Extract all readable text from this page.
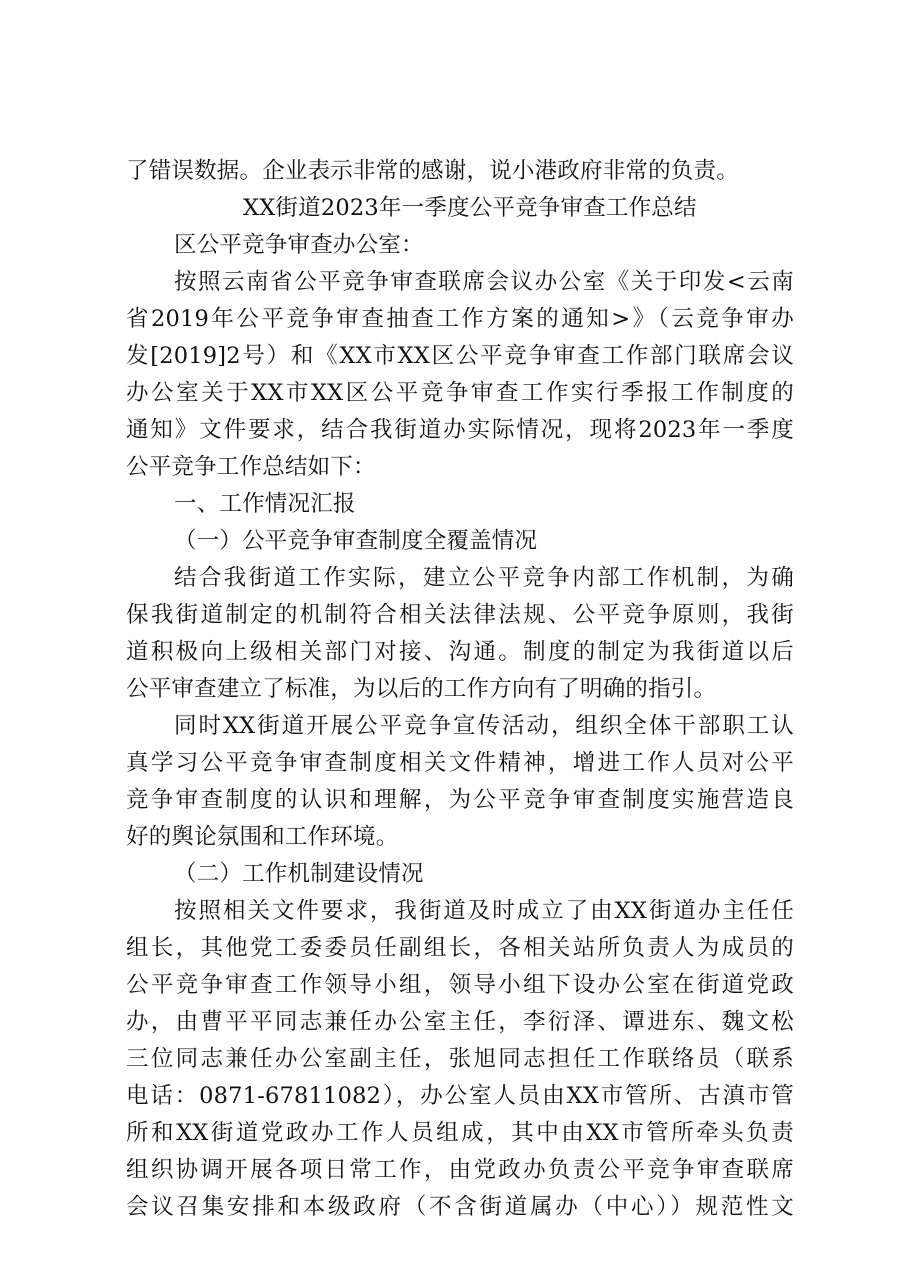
了错误数据。企业表示非常的感谢，说小港政府非常的负责。
XX街道2023年一季度公平竞争审查工作总结
区公平竞争审查办公室：
按照云南省公平竞争审查联席会议办公室《关于印发<云南
省2019年公平竞争审查抽查工作方案的通知>》（云竞争审办
发[2019]2号）和《XX市XX区公平竞争审查工作部门联席会议
办公室关于XX市XX区公平竞争审查工作实行季报工作制度的
通知》文件要求，结合我街道办实际情况，现将2023年一季度
公平竞争工作总结如下：
一、工作情况汇报
（一）公平竞争审查制度全覆盖情况
结合我街道工作实际，建立公平竞争内部工作机制，为确
保我街道制定的机制符合相关法律法规、公平竞争原则，我街
道积极向上级相关部门对接、沟通。制度的制定为我街道以后
公平审查建立了标准，为以后的工作方向有了明确的指引。
同时XX街道开展公平竞争宣传活动，组织全体干部职工认
真学习公平竞争审查制度相关文件精神，增进工作人员对公平
竞争审查制度的认识和理解，为公平竞争审查制度实施营造良
好的舆论氛围和工作环境。
（二）工作机制建设情况
按照相关文件要求，我街道及时成立了由XX街道办主任任
组长，其他党工委委员任副组长，各相关站所负责人为成员的
公平竞争审查工作领导小组，领导小组下设办公室在街道党政
办，由曹平平同志兼任办公室主任，李衍泽、谭进东、魏文松
三位同志兼任办公室副主任，张旭同志担任工作联络员（联系
电话：0871-67811082），办公室人员由XX市管所、古滇市管
所和XX街道党政办工作人员组成，其中由XX市管所牵头负责
组织协调开展各项日常工作，由党政办负责公平竞争审查联席
会议召集安排和本级政府（不含街道属办（中心））规范性文
